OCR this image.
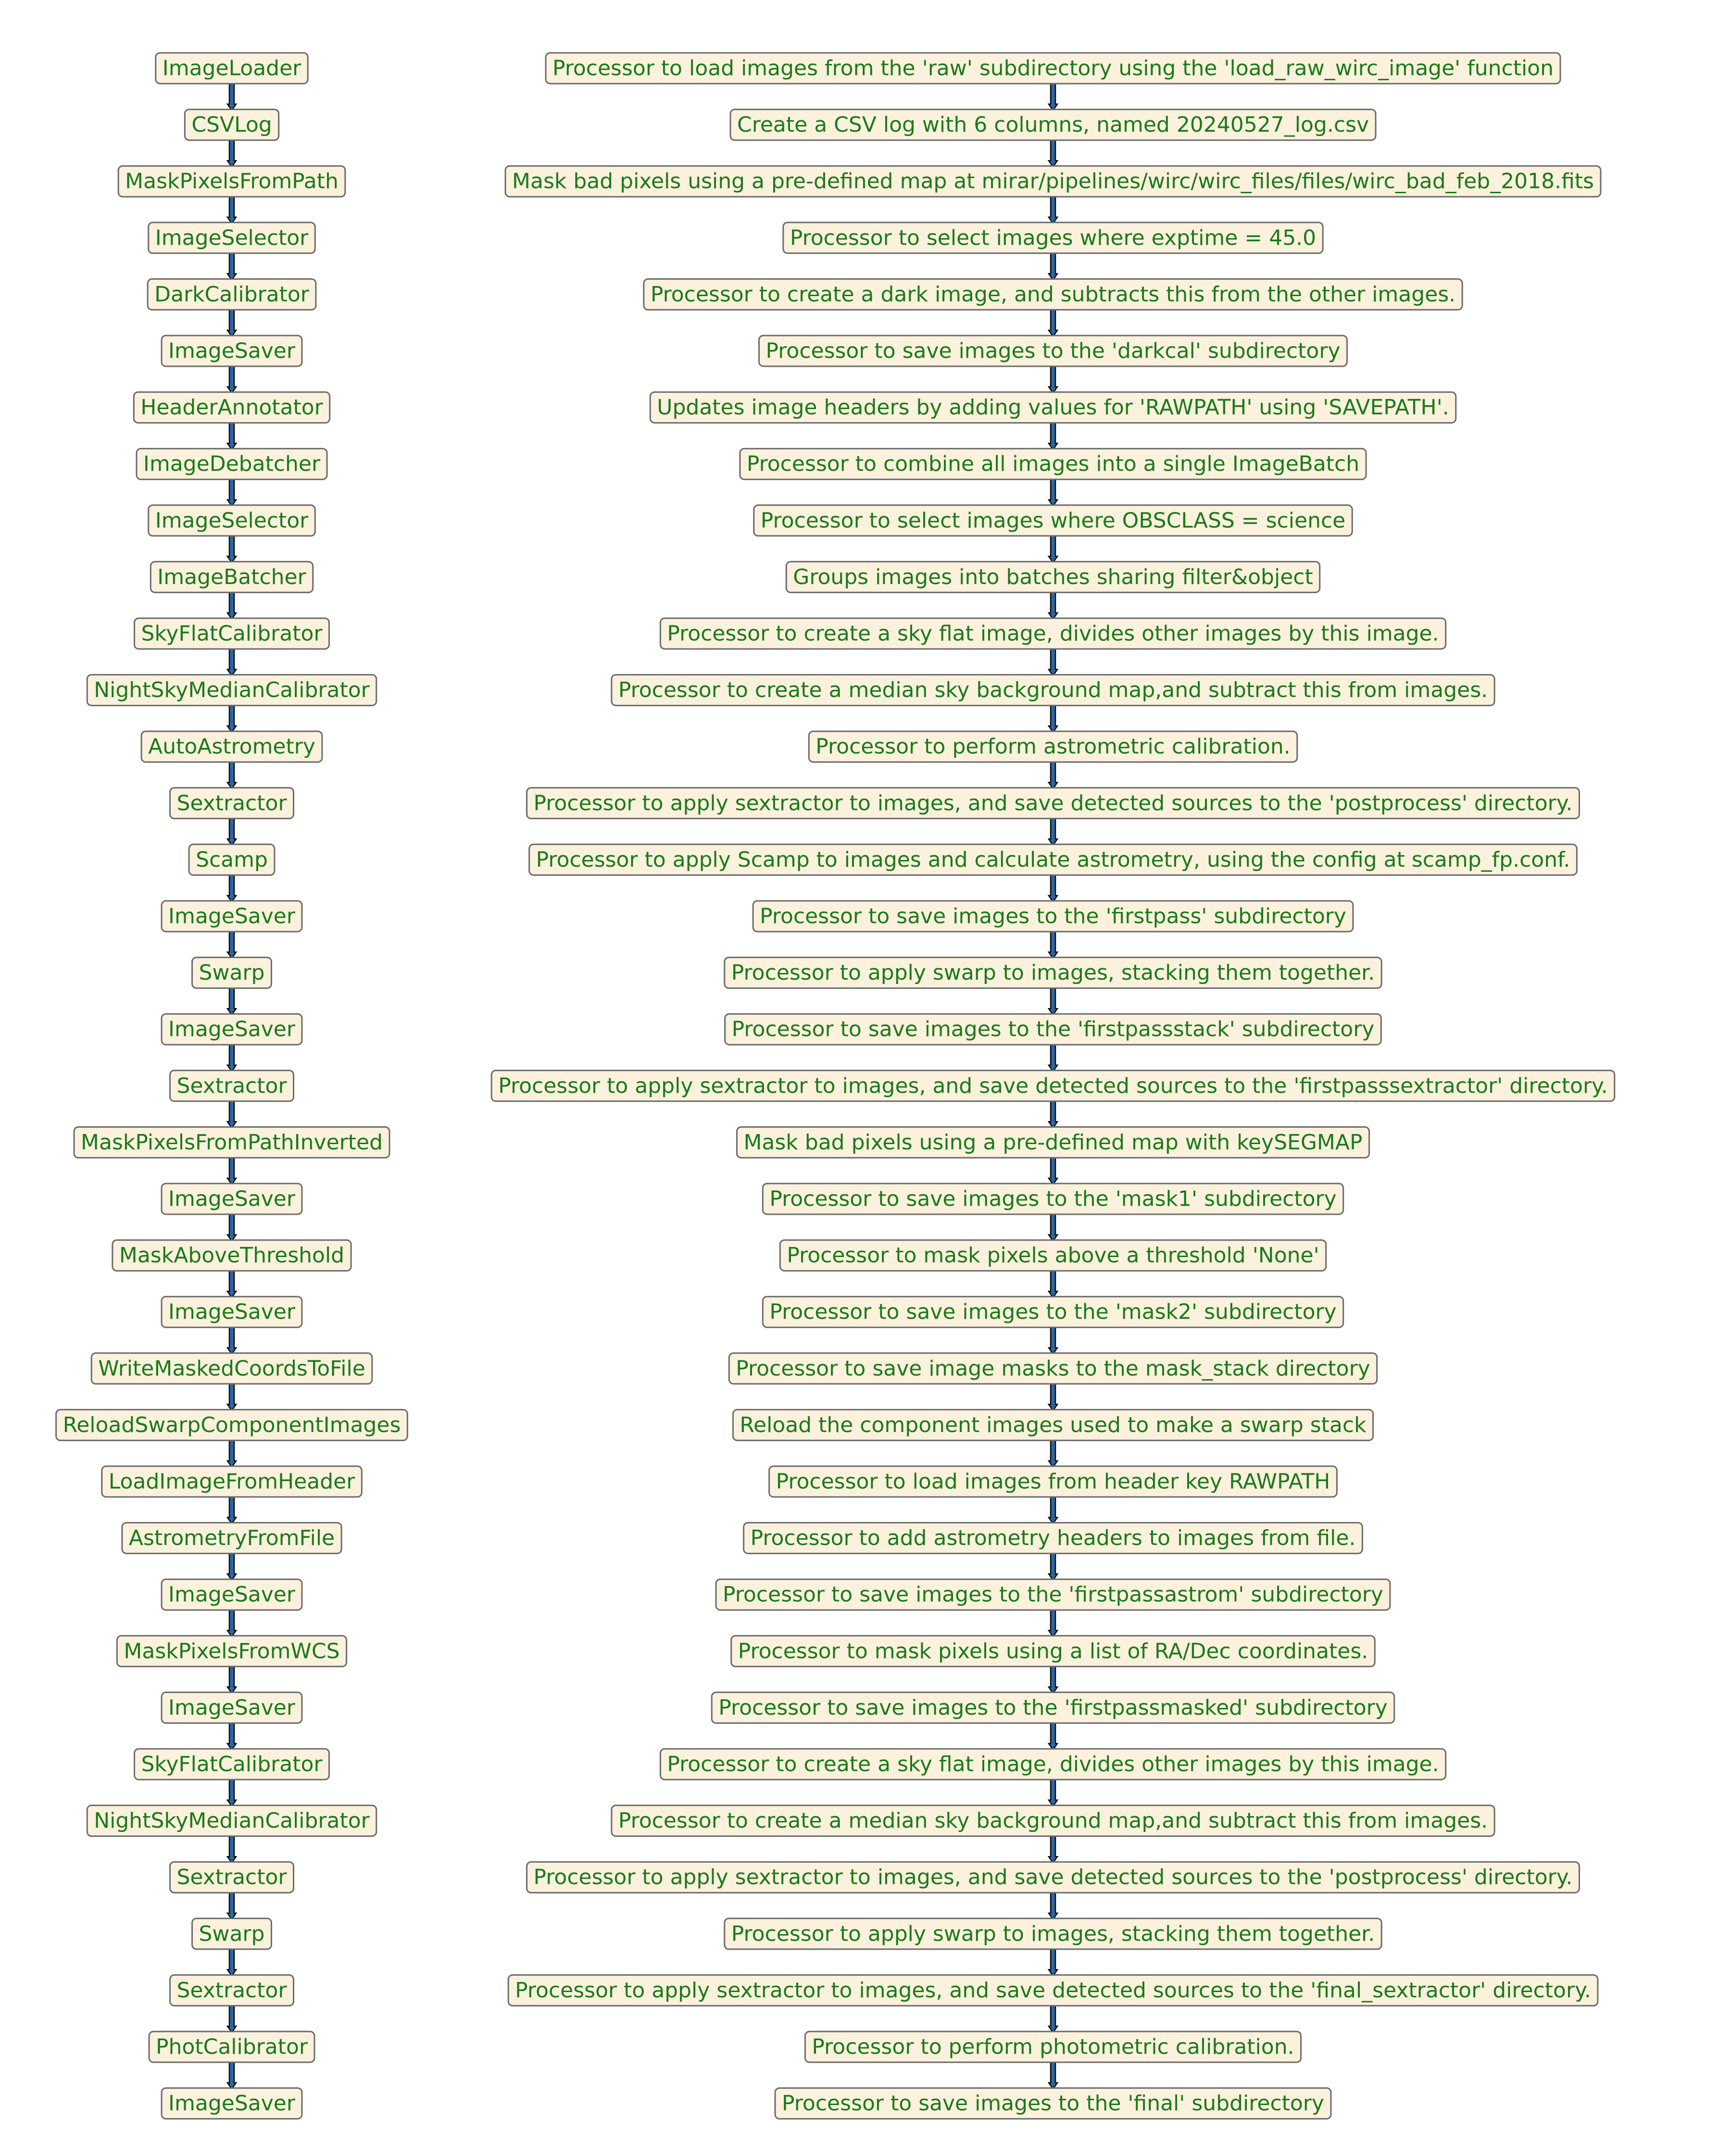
ImageLoader	Processor to load images from the 'raw' subdirectory using the 'load_raw_wirc_image' function
CSVLog	Create a CSV log with 6 columns, named 20240527_log.csv
MaskPixelsFromPath	Mask bad pixels using a pre-defined map at mirar/pipelines/wirc/wirc_files/files/wirc_bad_feb_2018.fits
ImageSelector	Processor to select images where exptime = 45.0
DarkCalibrator	Processor to create a dark image, and subtracts this from the other images.
ImageSaver	Processor to save images to the 'darkcal' subdirectory
HeaderAnnotator	Updates image headers by adding values for 'RAWPATH' using 'SAVEPATH'.
ImageDebatcher	Processor to combine all images into a single ImageBatch
ImageSelector	Processor to select images where OBSCLASS = science
ImageBatcher	Groups images into batches sharing filter&object
SkyFlatCalibrator	Processor to create a sky flat image, divides other images by this image.
NightSkyMedianCalibrator	Processor to create a median sky background map,and subtract this from images.
AutoAstrometry	Processor to perform astrometric calibration.
Sextractor	Processor to apply sextractor to images, and save detected sources to the 'postprocess' directory.
Scamp	Processor to apply Scamp to images and calculate astrometry, using the config at scamp_fp.conf.
ImageSaver	Processor to save images to the 'firstpass' subdirectory
Swarp	Processor to apply swarp to images, stacking them together.
ImageSaver	Processor to save images to the 'firstpassstack' subdirectory
Sextractor	Processor to apply sextractor to images, and save detected sources to the 'firstpasssextractor' directory.
MaskPixelsFromPathInverted	Mask bad pixels using a pre-defined map with keySEGMAP
ImageSaver	Processor to save images to the 'mask1' subdirectory
MaskAboveThreshold	Processor to mask pixels above a threshold 'None'
ImageSaver	Processor to save images to the 'mask2' subdirectory
WriteMaskedCoordsToFile	Processor to save image masks to the mask_stack directory
ReloadSwarpComponentImages	Reload the component images used to make a swarp stack
LoadImageFromHeader	Processor to load images from header key RAWPATH
AstrometryFromFile	Processor to add astrometry headers to images from file.
ImageSaver	Processor to save images to the 'firstpassastrom' subdirectory
MaskPixelsFromWCS	Processor to mask pixels using a list of RA/Dec coordinates.
ImageSaver	Processor to save images to the 'firstpassmasked' subdirectory
SkyFlatCalibrator	Processor to create a sky flat image, divides other images by this image.
NightSkyMedianCalibrator	Processor to create a median sky background map,and subtract this from images.
Sextractor	Processor to apply sextractor to images, and save detected sources to the 'postprocess' directory.
Swarp	Processor to apply swarp to images, stacking them together.
Sextractor	Processor to apply sextractor to images, and save detected sources to the 'final_sextractor' directory.
PhotCalibrator	Processor to perform photometric calibration.
ImageSaver	Processor to save images to the 'final' subdirectory
